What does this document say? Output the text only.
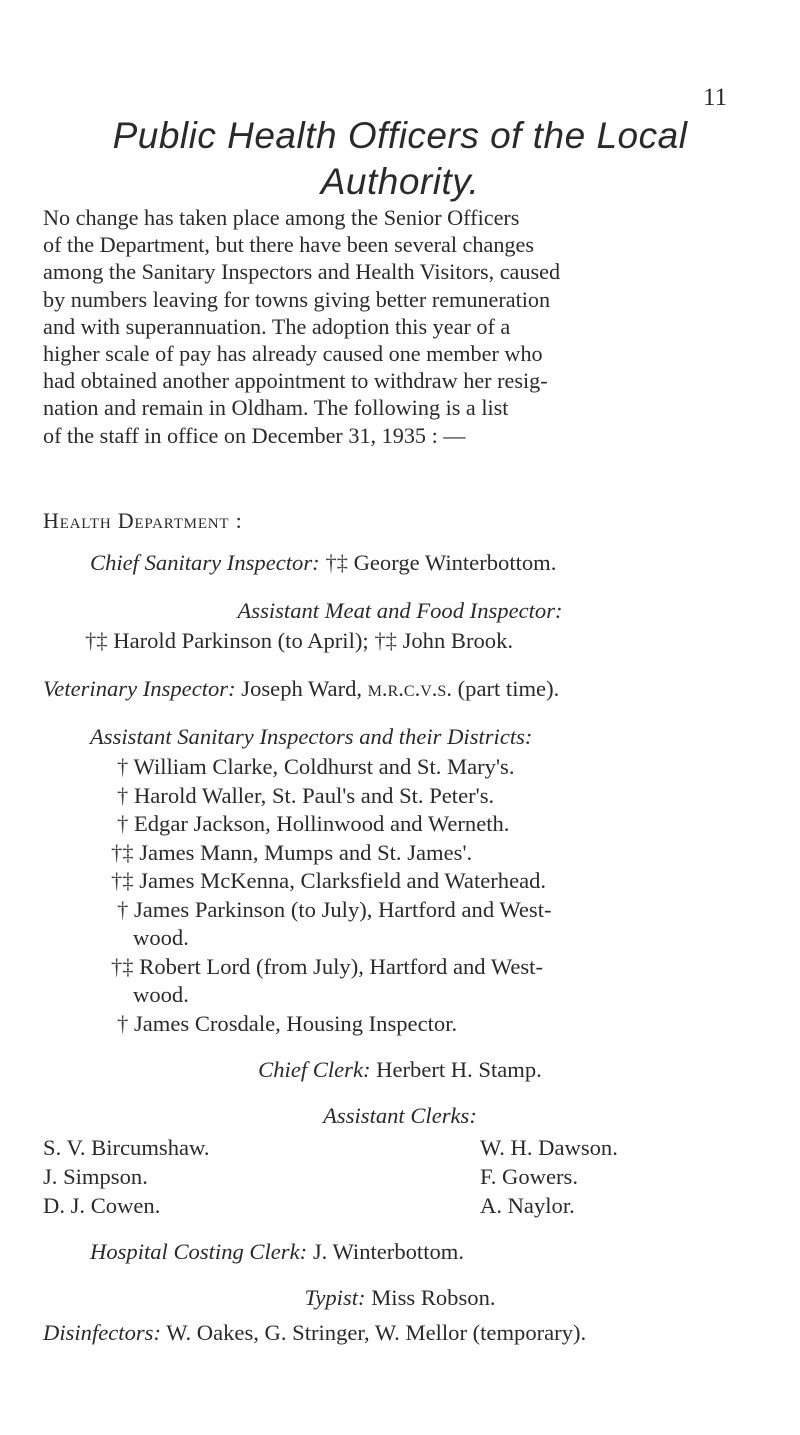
11
Public Health Officers of the Local
Authority.
No change has taken place among the Senior Officers
of the Department, but there have been several changes
among the Sanitary Inspectors and Health Visitors, caused
by numbers leaving for towns giving better remuneration
and with superannuation. The adoption this year of a
higher scale of pay has already caused one member who
had obtained another appointment to withdraw her resig-
nation and remain in Oldham. The following is a list
of the staff in office on December 31, 1935 : —
Health Department :
Chief Sanitary Inspector: †‡ George Winterbottom.
Assistant Meat and Food Inspector:
†‡ Harold Parkinson (to April); †‡ John Brook.
Veterinary Inspector: Joseph Ward, m.r.c.v.s. (part time).
Assistant Sanitary Inspectors and their Districts:
† William Clarke, Coldhurst and St. Mary's.
† Harold Waller, St. Paul's and St. Peter's.
† Edgar Jackson, Hollinwood and Werneth.
†‡ James Mann, Mumps and St. James'.
†‡ James McKenna, Clarksfield and Waterhead.
† James Parkinson (to July), Hartford and West-
wood.
†‡ Robert Lord (from July), Hartford and West-
wood.
† James Crosdale, Housing Inspector.
Chief Clerk: Herbert H. Stamp.
Assistant Clerks:
S. V. Bircumshaw.	W. H. Dawson.
J. Simpson.	F. Gowers.
D. J. Cowen.	A. Naylor.
Hospital Costing Clerk: J. Winterbottom.
Typist: Miss Robson.
Disinfectors: W. Oakes, G. Stringer, W. Mellor (temporary).
